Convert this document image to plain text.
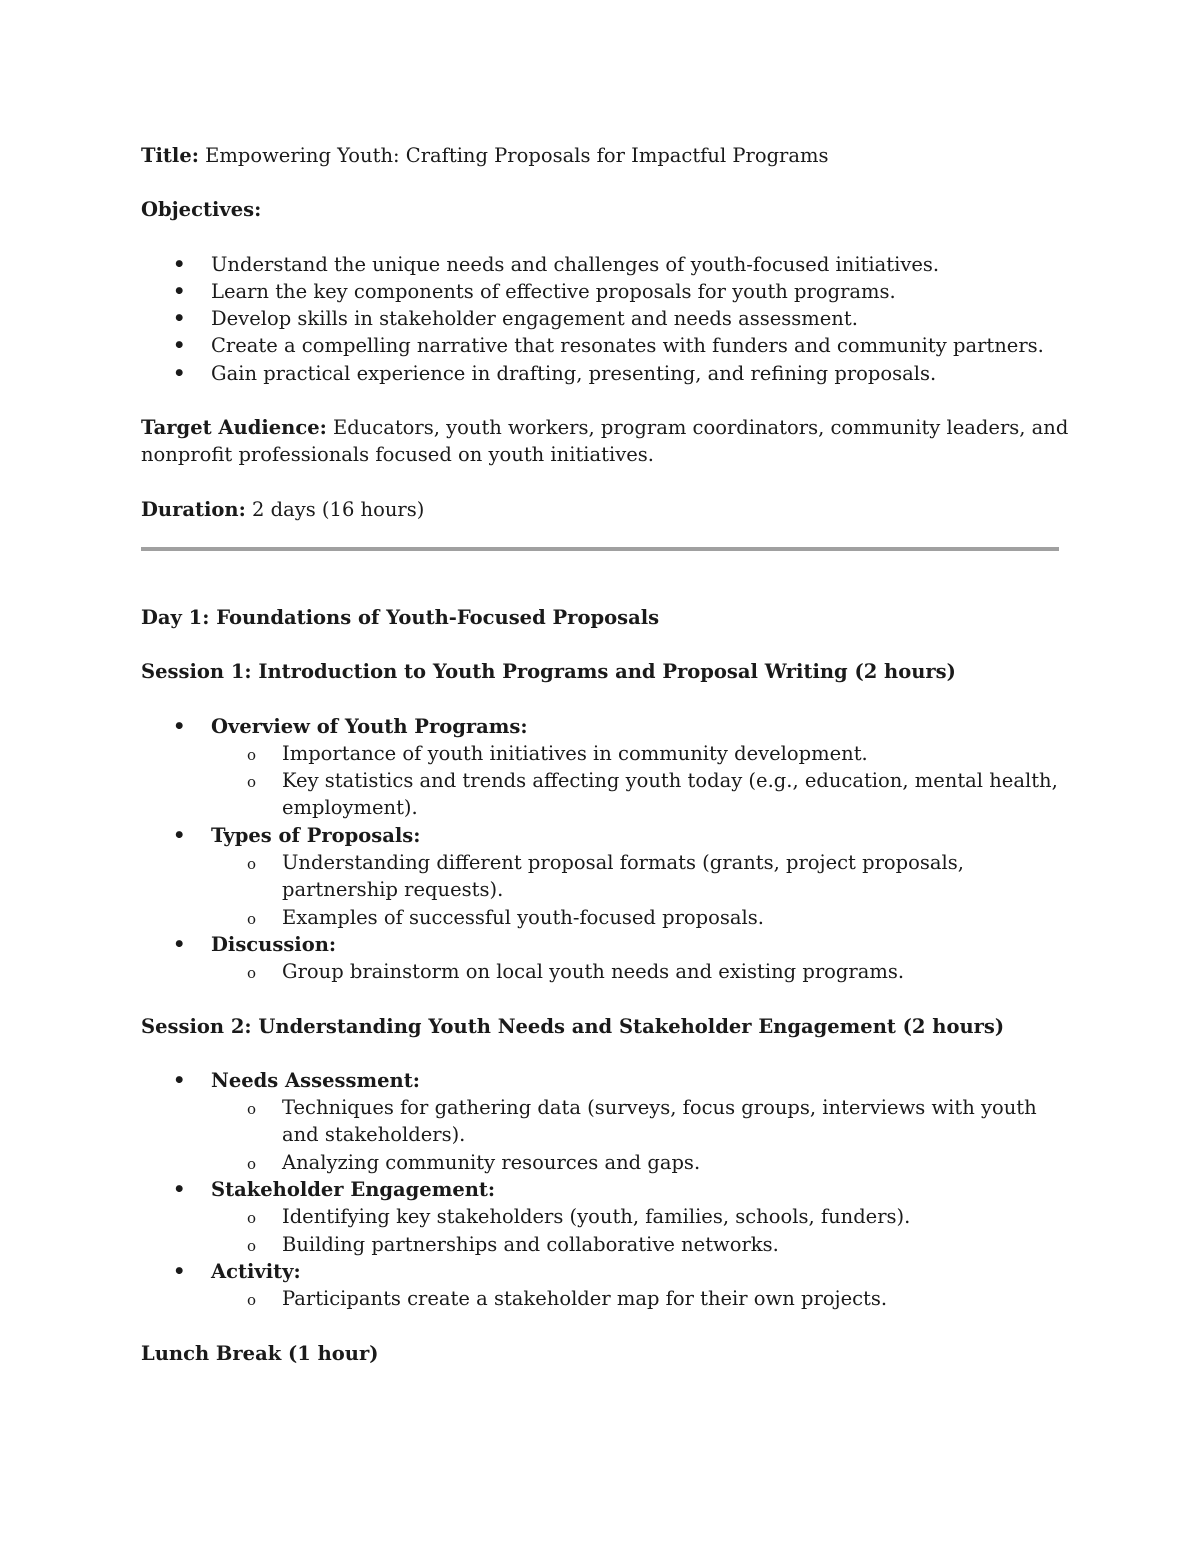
Title: Empowering Youth: Crafting Proposals for Impactful Programs

Objectives:

• Understand the unique needs and challenges of youth-focused initiatives.
• Learn the key components of effective proposals for youth programs.
• Develop skills in stakeholder engagement and needs assessment.
• Create a compelling narrative that resonates with funders and community partners.
• Gain practical experience in drafting, presenting, and refining proposals.

Target Audience: Educators, youth workers, program coordinators, community leaders, and

nonprofit professionals focused on youth initiatives.

Duration: 2 days (16 hours)

Day 1: Foundations of Youth-Focused Proposals

Session 1: Introduction to Youth Programs and Proposal Writing (2 hours)

• Overview of Youth Programs:
o Importance of youth initiatives in community development.
o Key statistics and trends affecting youth today (e.g., education, mental health, employment).
• Types of Proposals:
o Understanding different proposal formats (grants, project proposals, partnership requests).
o Examples of successful youth-focused proposals.
• Discussion:
o Group brainstorm on local youth needs and existing programs.

Session 2: Understanding Youth Needs and Stakeholder Engagement (2 hours)

• Needs Assessment:
o Techniques for gathering data (surveys, focus groups, interviews with youth and stakeholders).
o Analyzing community resources and gaps.
• Stakeholder Engagement:
o Identifying key stakeholders (youth, families, schools, funders).
o Building partnerships and collaborative networks.
• Activity:
o Participants create a stakeholder map for their own projects.

Lunch Break (1 hour)
